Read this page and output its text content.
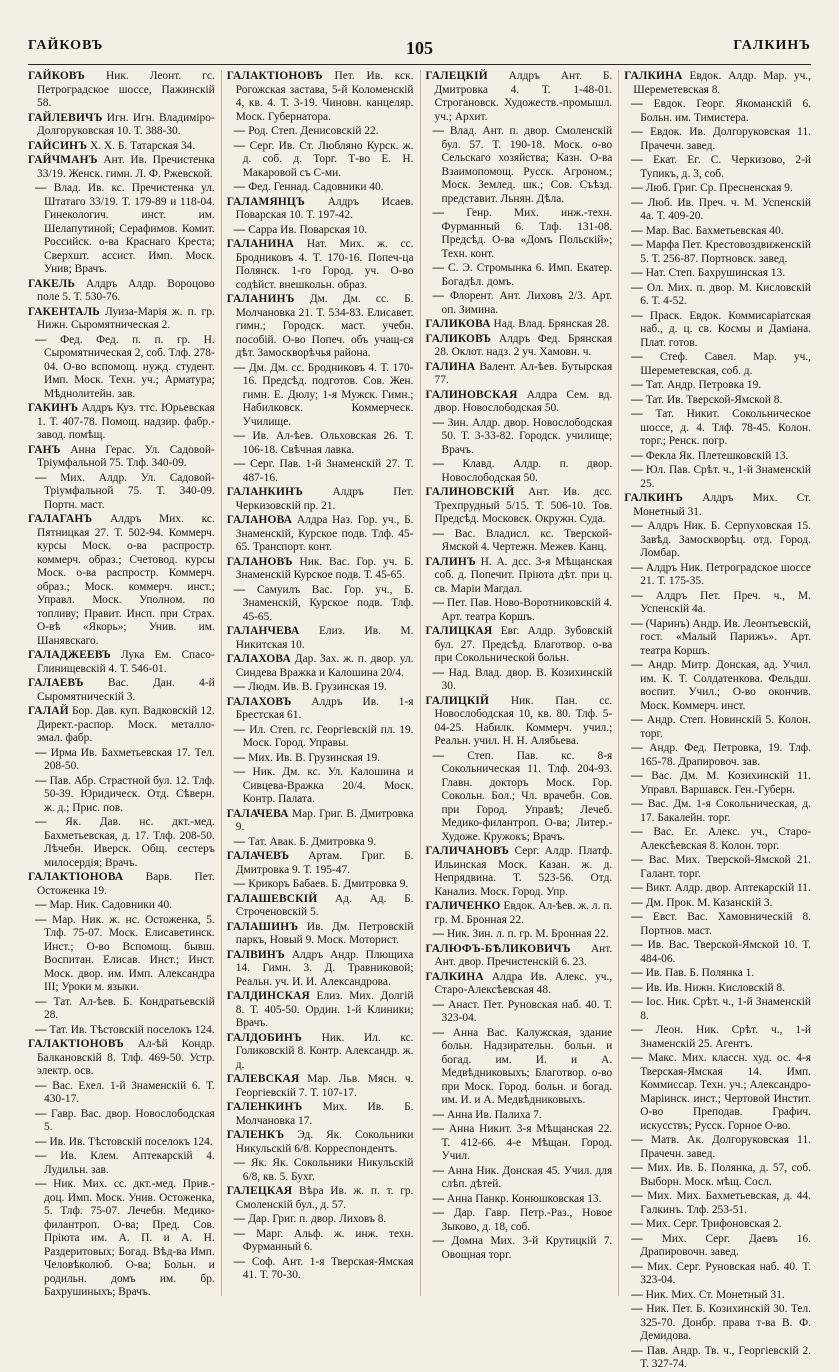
ГАЙКОВЪ	105	ГАЛКИНЪ
ГАЙКОВЪ Ник. Леонт. гс. Петроградское шоссе, Пажинскій 58.
ГАЙЛЕВИЧЪ Игн. Игн. Владиміро-Долгоруковская 10. Т. 388-30.
ГАЙСИНЪ Х. Х. Б. Татарская 34.
ГАЙЧМАНЪ Ант. Ив. Пречистенка 33/19. Женск. гимн. Л. Ф. Ржевской.
— Влад. Ив. кс. Пречистенка ул. Штатаго 33/19. Т. 179-89 и 118-04. Гинекологич. инст. им. Шелапутиной; Серафимов. Комит. Российск. о-ва Краснаго Креста; Сверхшт. ассист. Имп. Моск. Унив; Врачъ.
ГАКЕЛЬ Алдръ Алдр. Вороцово поле 5. Т. 530-76.
ГАКЕНТАЛЬ Луиза-Марія ж. п. гр. Нижн. Сыромятническая 2.
— Фед. Фед. п. п. гр. Н. Сыромятническая 2, соб. Тлф. 278-04. О-во вспомощ. нужд. студент. Имп. Моск. Техн. уч.; Арматура; Мѣднолитейн. зав.
ГАКИНЪ Алдръ Куз. ттс. Юрьевская 1. Т. 407-78. Помощ. надзир. фабр.-завод. помѣщ.
ГАНЪ Анна Герас. Ул. Садовой-Тріумфальной 75. Тлф. 340-09.
— Мих. Алдр. Ул. Садовой-Тріумфальной 75. Т. 340-09. Портн. маст.
ГАЛАГАНЪ Алдръ Мих. кс. Пятницкая 27. Т. 502-94. Коммерч. курсы Моск. о-ва распростр. коммерч. образ.; Счетовод. курсы Моск. о-ва распростр. Коммерч. образ.; Моск. коммерч. инст.; Управл. Моск. Уполном. по топливу; Правит. Инсп. при Страх. О-вѣ «Якорь»; Унив. им. Шанявскаго.
ГАЛАДЖЕЕВЪ Лука Ем. Спасо-Глинищевскій 4. Т. 546-01.
ГАЛАЕВЪ Вас. Дан. 4-й Сыромятническій 3.
ГАЛАЙ Бор. Дав. куп. Вадковскій 12. Директ.-распор. Моск. металло-эмал. фабр.
— Ирма Ив. Бахметьевская 17. Тел. 208-50.
— Пав. Абр. Страстной бул. 12. Тлф. 50-39. Юридическ. Отд. Сѣверн. ж. д.; Прис. пов.
— Як. Дав. нс. дкт.-мед. Бахметьевская, д. 17. Тлф. 208-50. Лѣчебн. Иверск. Общ. сестеръ милосердія; Врачъ.
ГАЛАКТІОНОВА Варв. Пет. Остоженка 19.
— Мар. Ник. Садовники 40.
— Мар. Ник. ж. нс. Остоженка, 5. Тлф. 75-07. Моск. Елисаветинск. Инст.; О-во Вспомощ. бывш. Воспитан. Елисав. Инст.; Инст. Моск. двор. им. Имп. Александра III; Уроки м. языки.
— Тат. Ал-ѣев. Б. Кондратьевскій 28.
— Тат. Ив. Тѣстовскій поселокъ 124.
ГАЛАКТІОНОВЪ Ал-ѣй Кондр. Балкановскій 8. Тлф. 469-50. Устр. электр. осв.
— Вас. Ехел. 1-й Знаменскій 6. Т. 430-17.
— Гавр. Вас. двор. Новослободская 5.
— Ив. Ив. Тѣстовскій поселокъ 124.
— Ив. Клем. Аптекарскій 4. Лудильн. зав.
— Ник. Мих. сс. дкт.-мед. Прив.-доц. Имп. Моск. Унив. Остоженка, 5. Тлф. 75-07. Лечебн. Медико-филантроп. О-ва; Пред. Сов. Пріюта им. А. П. и А. Н. Раздеритовых; Богад. Вѣд-ва Имп. Человѣколюб. О-ва; Больн. и родильн. домъ им. бр. Бахрушиныхъ; Врачъ.
ГАЛАКТІОНОВЪ Пет. Ив. кск. Рогожская застава, 5-й Коломенскій 4, кв. 4. Т. 3-19. Чиновн. канцеляр. Моск. Губернатора.
— Род. Степ. Денисовскій 22.
— Серг. Ив. Ст. Любляно Курск. ж. д. соб. д. Торг. Т-во Е. Н. Макаровой съ С-ми.
— Фед. Геннад. Садовники 40.
ГАЛАМЯНЦЪ Алдръ Исаев. Поварская 10. Т. 197-42.
— Сарра Ив. Поварская 10.
ГАЛАНИНА Нат. Мих. ж. сс. Бродниковъ 4. Т. 170-16. Попеч-ца Полянск. 1-го Город. уч. О-во содѣйст. внешкольн. образ.
ГАЛАНИНЪ Дм. Дм. сс. Б. Молчановка 21. Т. 534-83. Елисавет. гимн.; Городск. маст. учебн. пособій. О-во Попеч. объ учащ-ся дѣт. Замоскворѣчья района.
— Дм. Дм. сс. Бродниковъ 4. Т. 170-16. Предсѣд. подготов. Сов. Жен. гимн. Е. Дюлу; 1-я Мужск. Гимн.; Набилковск. Коммерческ. Училище.
— Ив. Ал-ѣев. Ольховская 26. Т. 106-18. Свѣчная лавка.
— Серг. Пав. 1-й Знаменскій 27. Т. 487-16.
ГАЛАНКИНЪ	Алдръ Пет. Черкизовскій пр. 21.
ГАЛАНОВА Алдра Наз. Гор. уч., Б. Знаменскій, Курское подв. Тлф. 45-65. Транспорт. конт.
ГАЛАНОВЪ Ник. Вас. Гор. уч. Б. Знаменскій Курское подв. Т. 45-65.
— Самуилъ Вас. Гор. уч., Б. Знаменскій, Курское подв. Тлф. 45-65.
ГАЛАНЧЕВА Елиз. Ив. М. Никитская 10.
ГАЛАХОВА Дар. Зах. ж. п. двор. ул. Синдева Вражка и Калошина 20/4.
— Людм. Ив. В. Грузинская 19.
ГАЛАХОВЪ Алдръ Ив. 1-я Брестская 61.
— Ил. Степ. гс. Георгіевскій пл. 19. Моск. Город. Управы.
— Мих. Ив. В. Грузинская 19.
— Ник. Дм. кс. Ул. Калошина и Сивцева-Вражка 20/4. Моск. Контр. Палата.
ГАЛАЧЕВА Мар. Григ. В. Дмитровка 9.
— Тат. Авак. Б. Дмитровка 9.
ГАЛАЧЕВЪ Артам. Григ. Б. Дмитровка 9. Т. 195-47.
— Крикоръ Бабаев. Б. Дмитровка 9.
ГАЛАШЕВСКІЙ Ад. Ад. Б. Строченовскій 5.
ГАЛАШИНЪ Ив. Дм. Петровскій паркъ, Новый 9. Моск. Моторист.
ГАЛВИНЪ Алдръ Андр. Плющиха 14. Гимн. 3. Д. Травниковой; Реальн. уч. И. И. Александрова.
ГАЛДИНСКАЯ Елиз. Мих. Долгій 8. Т. 405-50. Ордин. 1-й Клиники; Врачъ.
ГАЛДОБИНЪ Ник. Ил. кс. Голиковскій 8. Контр. Александр. ж. д.
ГАЛЕВСКАЯ Мар. Льв. Мясн. ч. Георгіевскій 7. Т. 107-17.
ГАЛЕНКИНЪ Мих. Ив. Б. Молчановка 17.
ГАЛЕНКЪ Эд. Як. Сокольники Никульскій 6/8. Корреспондентъ.
— Як. Як. Сокольники Никульскій 6/8, кв. 5. Бухг.
ГАЛЕЦКАЯ Вѣра Ив. ж. п. т. гр. Смоленскій бул., д. 57.
— Дар. Григ. п. двор. Лиховъ 8.
— Марг. Альф. ж. инж. техн. Фурманный 6.
— Соф. Ант. 1-я Тверская-Ямская 41. Т. 70-30.
ГАЛЕЦКІЙ Алдръ Ант. Б. Дмитровка 4. Т. 1-48-01. Строгановск. Художеств.-промышл. уч.; Архит.
— Влад. Ант. п. двор. Смоленскій бул. 57. Т. 190-18. Моск. о-во Сельскаго хозяйства; Казн. О-ва Взаимопомощ. Русск. Агроном.; Моск. Землед. шк.; Сов. Съѣзд. представит. Льнян. Дѣла.
— Генр. Мих. инж.-техн. Фурманный 6. Тлф. 131-08. Предсѣд. О-ва «Домъ Польскій»; Техн. конт.
— С. Э. Стромынка 6. Имп. Екатер. Богадѣл. домъ.
— Флорент. Ант. Лиховъ 2/3. Арт. оп. Зимина.
ГАЛИКОВА Над. Влад. Брянская 28.
ГАЛИКОВЪ Алдръ Фед. Брянская 28. Оклот. надз. 2 уч. Хамовн. ч.
ГАЛИНА Валент. Ал-ѣев. Бутырская 77.
ГАЛИНОВСКАЯ Алдра Сем. вд. двор. Новослободская 50.
— Зин. Алдр. двор. Новослободская 50. Т. 3-33-82. Городск. училище; Врачъ.
— Клавд. Алдр. п. двор. Новослободская 50.
ГАЛИНОВСКІЙ Ант. Ив. дсс. Трехпрудный 5/15. Т. 506-10. Тов. Предсѣд. Московск. Окружн. Суда.
— Вас. Владисл. кс. Тверской-Ямской 4. Чертежн. Межев. Канц.
ГАЛИНЪ Н. А. дсс. 3-я Мѣщанская соб. д. Попечит. Пріюта дѣт. при ц. св. Маріи Магдал.
— Пет. Пав. Ново-Воротниковскій 4. Арт. театра Коршъ.
ГАЛИЦКАЯ Евг. Алдр. Зубовскій бул. 27. Предсѣд. Благотвор. о-ва при Сокольнической больн.
— Над. Влад. двор. В. Козихинскій 30.
ГАЛИЦКІЙ Ник. Пан. сс. Новослободская 10, кв. 80. Тлф. 5-04-25. Набилк. Коммерч. учил.; Реальн. учил. Н. Н. Алябьева.
— Степ. Пав. кс. 8-я Сокольническая 11. Тлф. 204-93. Главн. докторъ Моск. Гор. Сокольн. Бол.; Чл. врачебн. Сов. при Город. Управѣ; Лечеб. Медико-филантроп. О-ва; Литер.-Художе. Кружокъ; Врачъ.
ГАЛИЧАНОВЪ Серг. Алдр. Платф. Ильинская Моск. Казан. ж. д. Непрядвина. Т. 523-56. Отд. Канализ. Моск. Город. Упр.
ГАЛИЧЕНКО Евдок. Ал-ѣев. ж. л. п. гр. М. Бронная 22.
— Ник. Зин. л. п. гр. М. Бронная 22.
ГАЛЮФЪ-БѢЛИКОВИЧЪ Ант. Ант. двор. Пречистенскій 6. 23.
ГАЛКИНА Алдра Ив. Алекс. уч., Старо-Алексѣевская 48.
— Анаст. Пет. Руновская наб. 40. Т. 323-04.
— Анна Вас. Калужская, здание больн. Надзирательн. больн. и богад. им. И. и А. Медвѣдниковыхъ; Благотвор. о-во при Моск. Город. больн. и богад. им. И. и А. Медвѣдниковыхъ.
— Анна Ив. Палиха 7.
— Анна Никит. 3-я Мѣщанская 22. Т. 412-66. 4-е Мѣщан. Город. Учил.
— Анна Ник. Донская 45. Учил. для слѣп. дѣтей.
— Анна Панкр. Конюшковская 13.
— Дар. Гавр. Петр.-Раз., Новое Зыково, д. 18, соб.
— Домна Мих. 3-й Крутицкій 7. Овощная торг.
ГАЛКИНА Евдок. Алдр. Мар. уч., Шереметевская 8.
— Евдок. Георг. Якоманскій 6. Больн. им. Тимистера.
— Евдок. Ив. Долгоруковская 11. Прачечн. завед.
— Екат. Ег. С. Черкизово, 2-й Тупикъ, д. 3, соб.
— Люб. Григ. Ср. Пресненская 9.
— Люб. Ив. Преч. ч. М. Успенскій 4а. Т. 409-20.
— Мар. Вас. Бахметьевская 40.
— Марфа Пет. Крестовоздвиженскій 5. Т. 256-87. Портновск. завед.
— Нат. Степ. Бахрушинская 13.
— Ол. Мих. п. двор. М. Кисловскій 6. Т. 4-52.
— Праск. Евдок. Коммисаріатская наб., д. ц. св. Космы и Даміана. Плат. готов.
— Стеф. Савел. Мар. уч., Шереметевская, соб. д.
— Тат. Андр. Петровка 19.
— Тат. Ив. Тверской-Ямской 8.
— Тат. Никит. Сокольническое шоссе, д. 4. Тлф. 78-45. Колон. торг.; Ренск. погр.
— Фекла Як. Плетешковскій 13.
— Юл. Пав. Срѣт. ч., 1-й Знаменскій 25.
ГАЛКИНЪ Алдръ Мих. Ст. Монетный 31.
— Алдръ Ник. Б. Серпуховская 15. Завѣд. Замоскворѣц. отд. Город. Ломбар.
— Алдръ Ник. Петроградское шоссе 21. Т. 175-35.
— Алдръ Пет. Преч. ч., М. Успенскій 4а.
— (Чаринъ) Андр. Ив. Леонтьевскій, гост. «Малый Парижъ». Арт. театра Коршъ.
— Андр. Митр. Донская, ад. Учил. им. К. Т. Солдатенкова. Фельдш. воспит. Учил.; О-во окончив. Моск. Коммерч. инст.
— Андр. Степ. Новинскій 5. Колон. торг.
— Андр. Фед. Петровка, 19. Тлф. 165-78. Драпировоч. зав.
— Вас. Дм. М. Козихинскій 11. Управл. Варшавск. Ген.-Губерн.
— Вас. Дм. 1-я Сокольническая, д. 17. Бакалейн. торг.
— Вас. Ег. Алекс. уч., Старо-Алексѣевская 8. Колон. торг.
— Вас. Мих. Тверской-Ямской 21. Галант. торг.
— Викт. Алдр. двор. Аптекарскій 11.
— Дм. Прок. М. Казанскій 3.
— Евст. Вас. Хамовническій 8. Портнов. маст.
— Ив. Вас. Тверской-Ямской 10. Т. 484-06.
— Ив. Пав. Б. Полянка 1.
— Ив. Ив. Нижн. Кисловскій 8.
— Іос. Ник. Срѣт. ч., 1-й Знаменскій 8.
— Леон. Ник. Срѣт. ч., 1-й Знаменскій 25. Агентъ.
— Макс. Мих. классн. худ. ос. 4-я Тверская-Ямская 14. Имп. Коммиссар. Техн. уч.; Александро-Маріинск. инст.; Чертовой Инстит. О-во Преподав. Графич. искусствъ; Русск. Горное О-во.
— Матв. Ак. Долгоруковская 11. Прачечн. завед.
— Мих. Ив. Б. Полянка, д. 57, соб. Выборн. Моск. мѣщ. Сосл.
— Мих. Мих. Бахметьевская, д. 44. Галкинъ. Тлф. 253-51.
— Мих. Серг. Трифоновская 2.
— Мих. Серг. Даевъ 16. Драпировочн. завед.
— Мих. Серг. Руновская наб. 40. Т. 323-04.
— Ник. Мих. Ст. Монетный 31.
— Ник. Пет. Б. Козихинскій 30. Тел. 325-70. Донбр. права т-ва В. Ф. Демидова.
— Пав. Андр. Тв. ч., Георгіевскій 2. Т. 327-74.
